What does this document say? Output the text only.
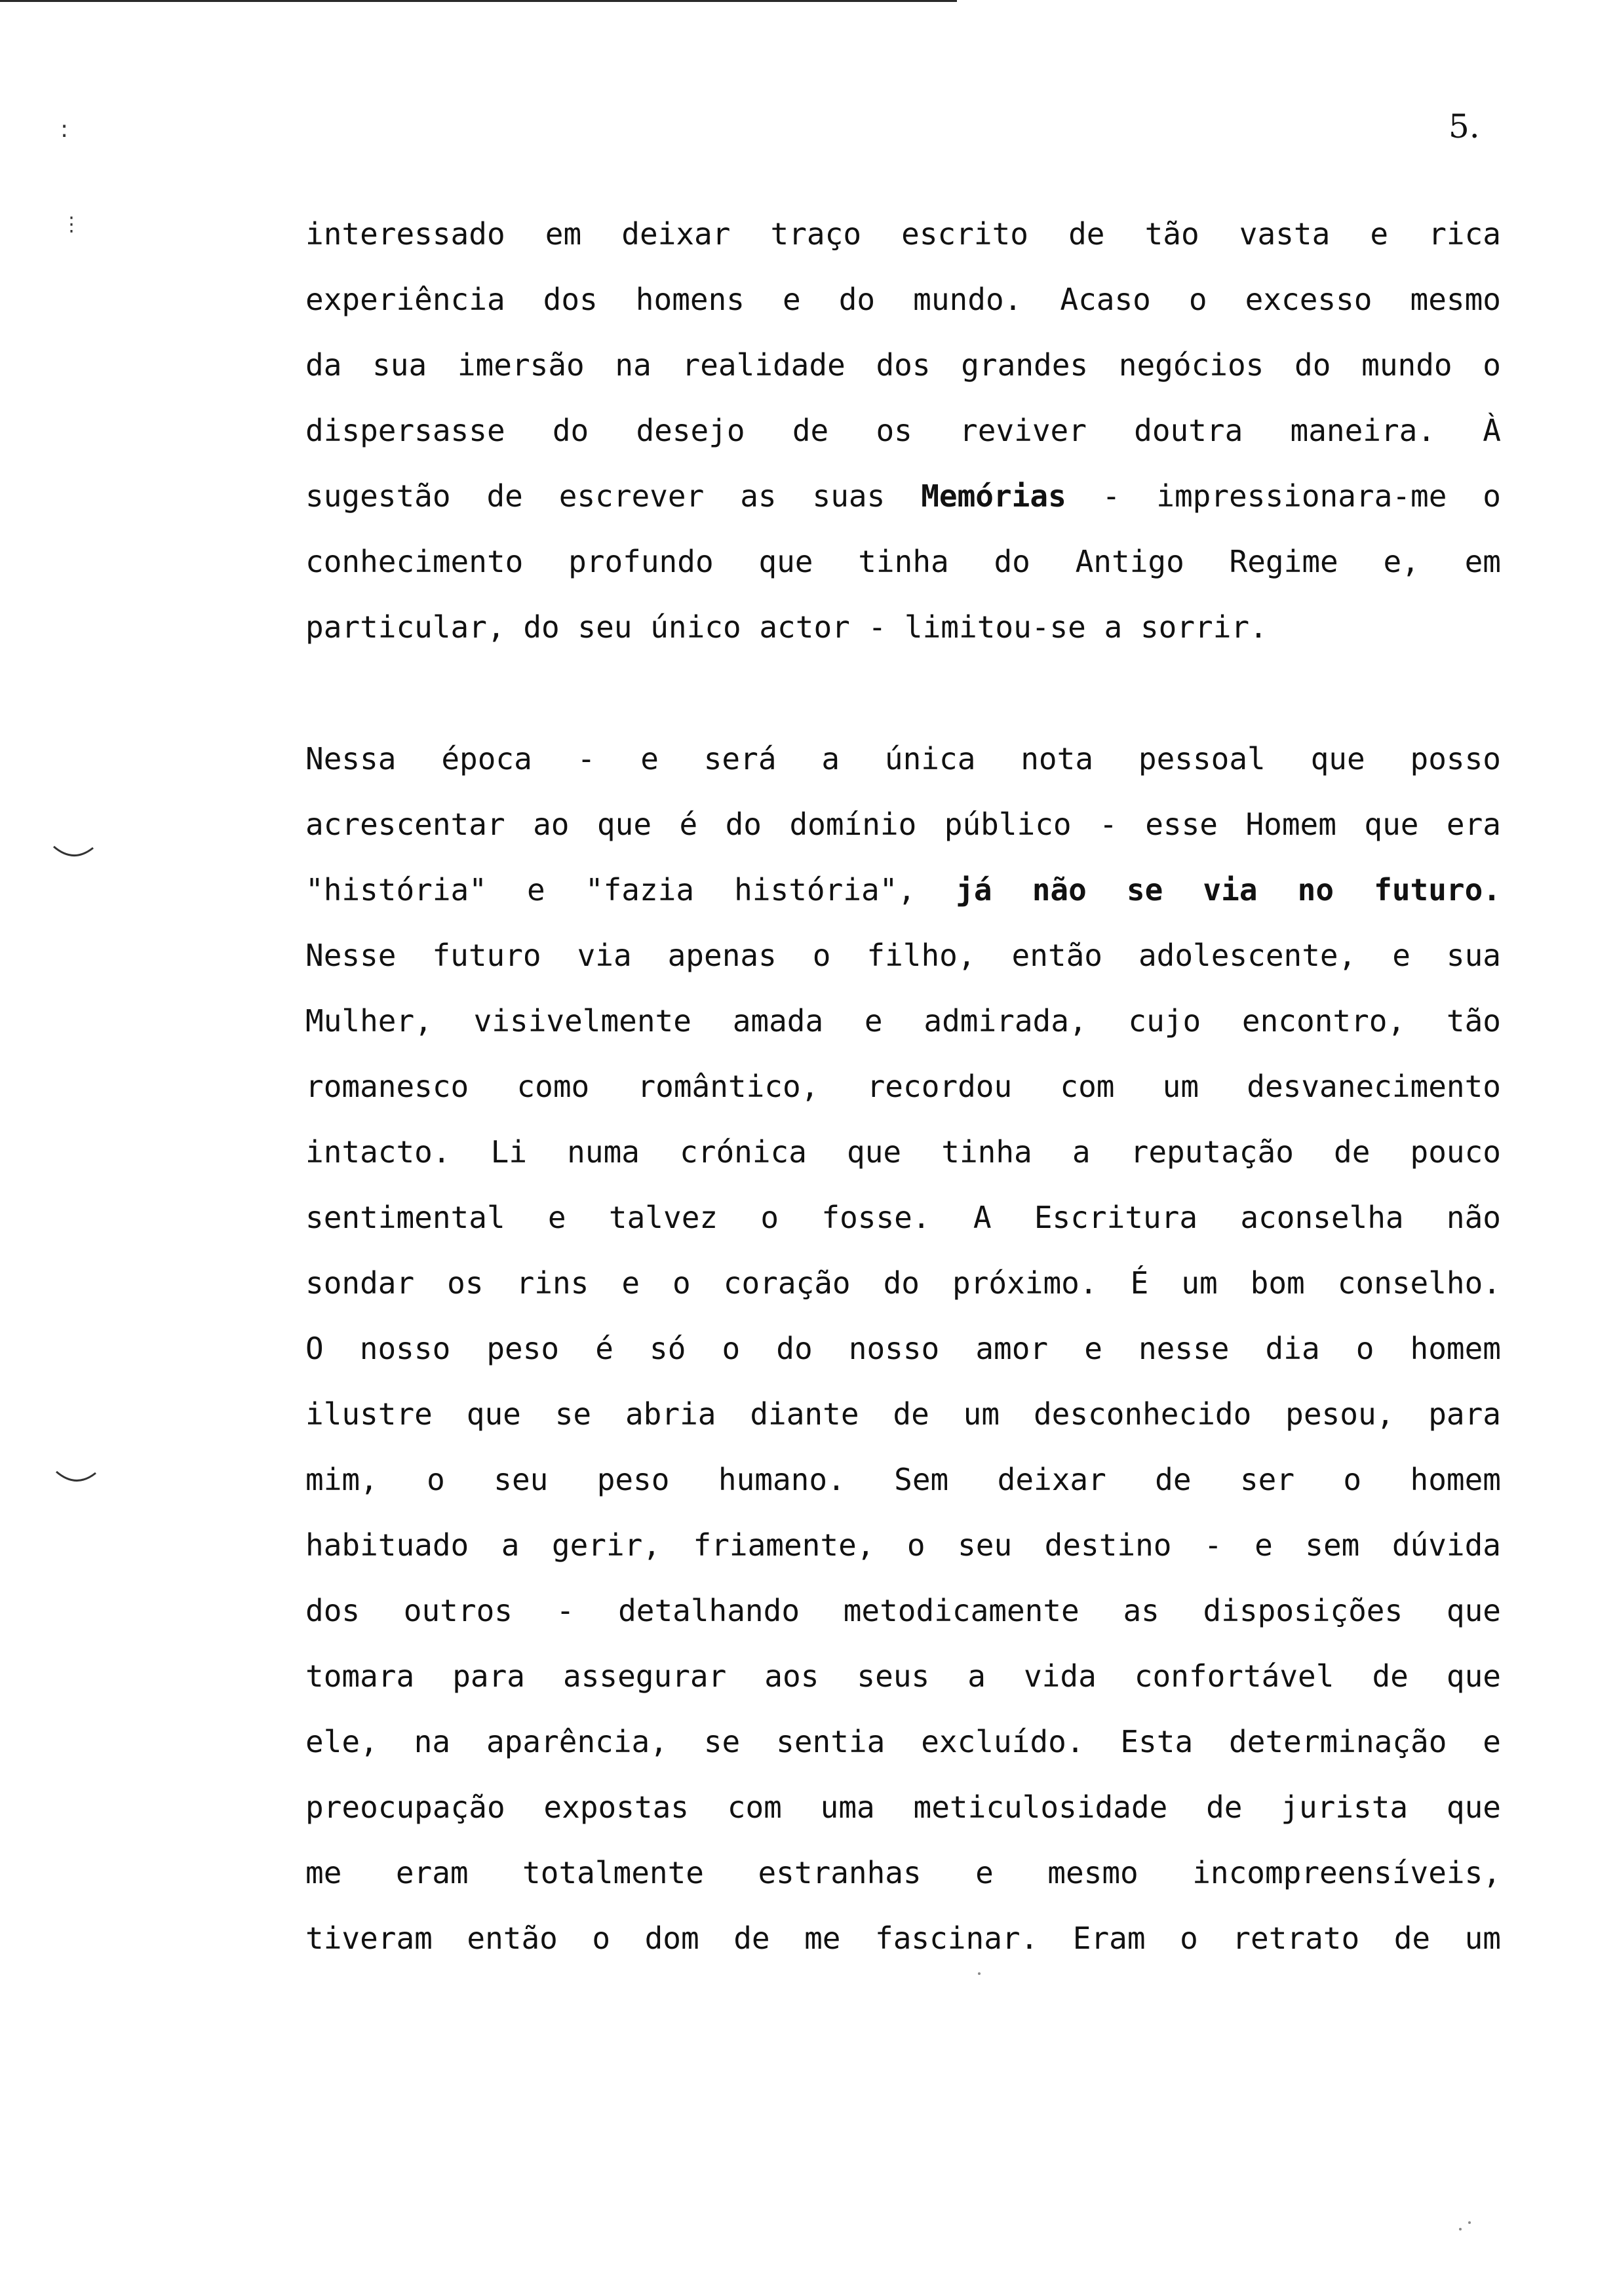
5.
:
⋮	interessado em deixar traço escrito de tão vasta e rica
experiência dos homens e do mundo. Acaso o excesso mesmo
da sua imersão na realidade dos grandes negócios do mundo o
dispersasse do desejo de os reviver doutra maneira. À
sugestão de escrever as suas Memórias - impressionara-me o
conhecimento profundo que tinha do Antigo Regime e, em
particular, do seu único actor - limitou-se a sorrir.
Nessa época - e será a única nota pessoal que posso
acrescentar ao que é do domínio público - esse Homem que era
"história" e "fazia história", já não se via no futuro.
Nesse futuro via apenas o filho, então adolescente, e sua
Mulher, visivelmente amada e admirada, cujo encontro, tão
romanesco como romântico, recordou com um desvanecimento
intacto. Li numa crónica que tinha a reputação de pouco
sentimental e talvez o fosse. A Escritura aconselha não
sondar os rins e o coração do próximo. É um bom conselho.
O nosso peso é só o do nosso amor e nesse dia o homem
ilustre que se abria diante de um desconhecido pesou, para
mim, o seu peso humano. Sem deixar de ser o homem
habituado a gerir, friamente, o seu destino - e sem dúvida
dos outros - detalhando metodicamente as disposições que
tomara para assegurar aos seus a vida confortável de que
ele, na aparência, se sentia excluído. Esta determinação e
preocupação expostas com uma meticulosidade de jurista que
me eram totalmente estranhas e mesmo incompreensíveis,
tiveram então o dom de me fascinar. Eram o retrato de um
